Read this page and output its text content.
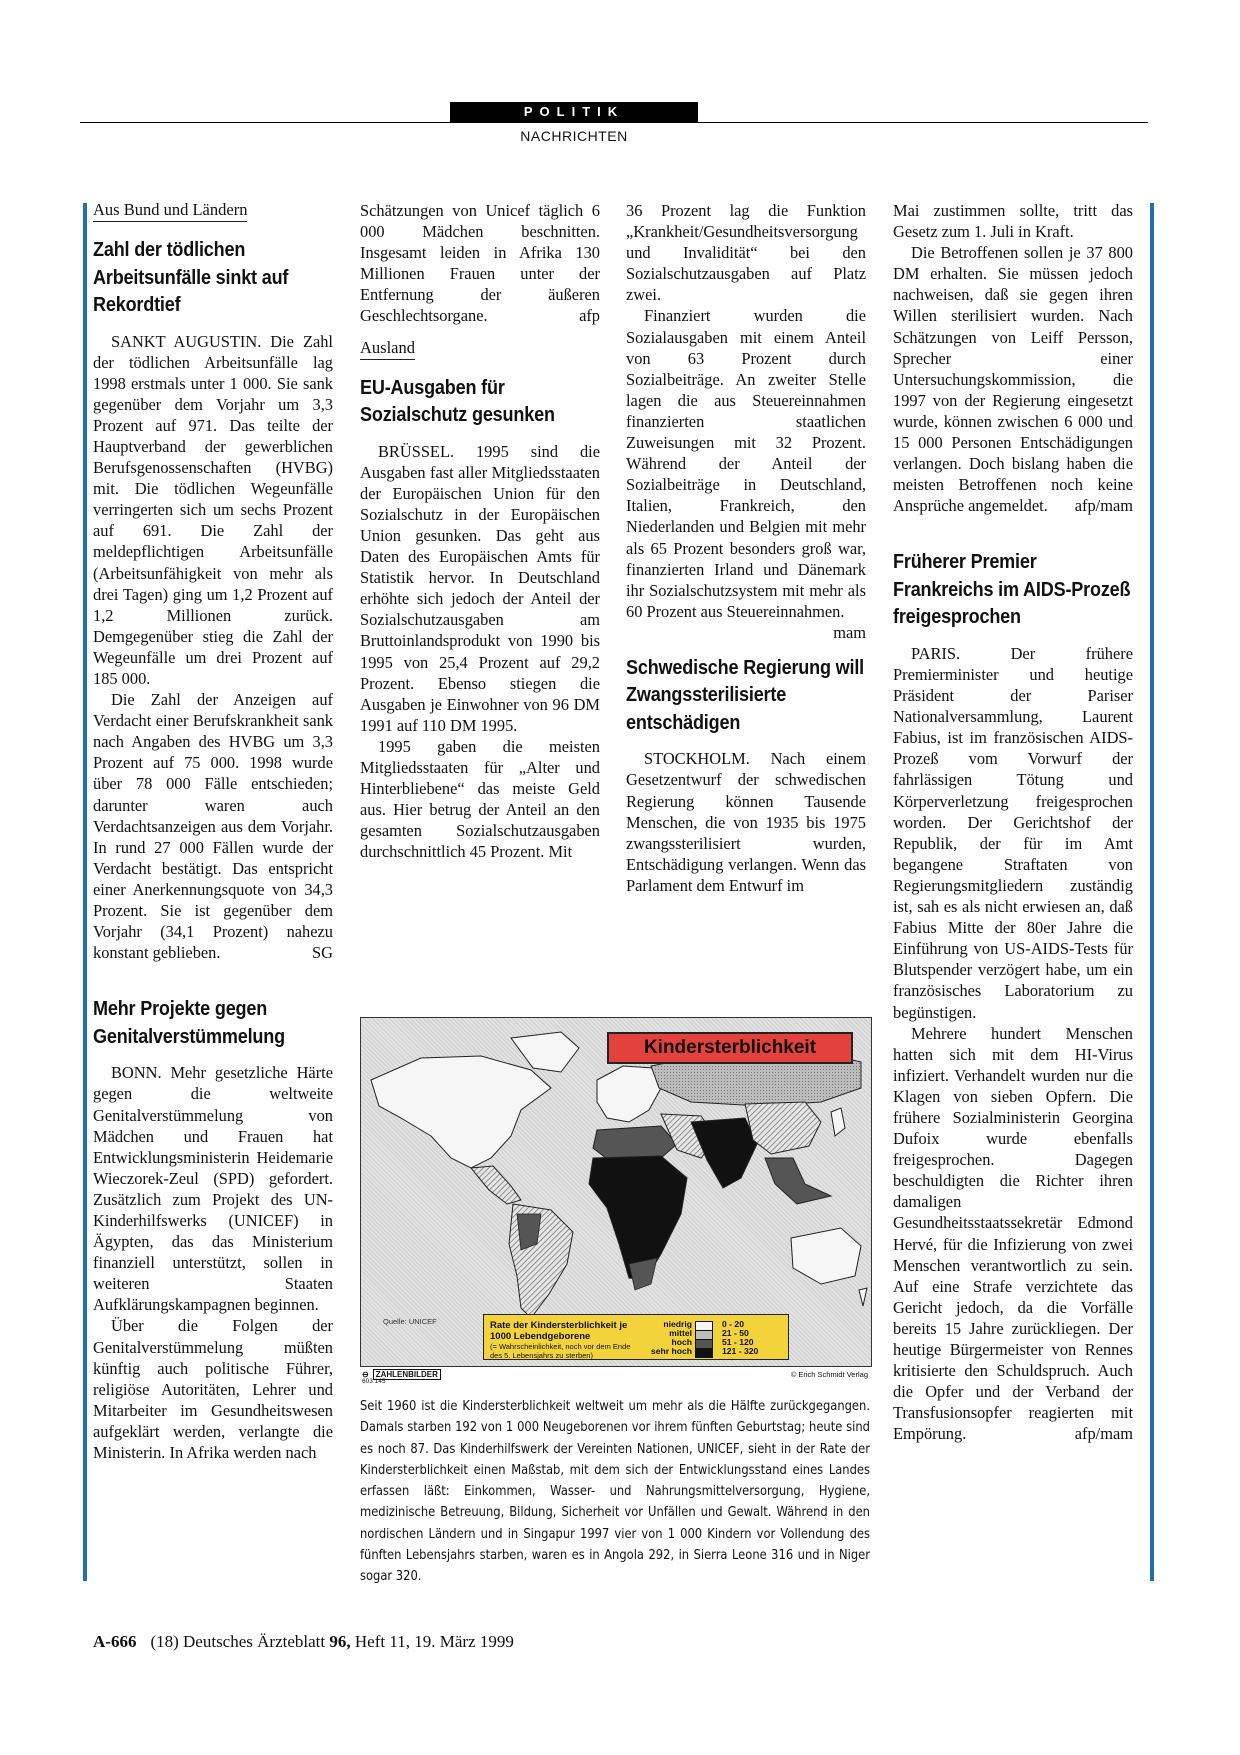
POLITIK
NACHRICHTEN
Aus Bund und Ländern
Zahl der tödlichen Arbeitsunfälle sinkt auf Rekordtief

SANKT AUGUSTIN. Die Zahl der tödlichen Arbeitsunfälle lag 1998 erstmals unter 1 000. Sie sank gegenüber dem Vorjahr um 3,3 Prozent auf 971. Das teilte der Hauptverband der gewerblichen Berufsgenossenschaften (HVBG) mit. Die tödlichen Wegeunfälle verringerten sich um sechs Prozent auf 691. Die Zahl der meldepflichtigen Arbeitsunfälle (Arbeitsunfähigkeit von mehr als drei Tagen) ging um 1,2 Prozent auf 1,2 Millionen zurück. Demgegenüber stieg die Zahl der Wegeunfälle um drei Prozent auf 185 000.

Die Zahl der Anzeigen auf Verdacht einer Berufskrankheit sank nach Angaben des HVBG um 3,3 Prozent auf 75 000. 1998 wurde über 78 000 Fälle entschieden; darunter waren auch Verdachtsanzeigen aus dem Vorjahr. In rund 27 000 Fällen wurde der Verdacht bestätigt. Das entspricht einer Anerkennungsquote von 34,3 Prozent. Sie ist gegenüber dem Vorjahr (34,1 Prozent) nahezu konstant geblieben.	SG

Mehr Projekte gegen Genitalverstümmelung

BONN. Mehr gesetzliche Härte gegen die weltweite Genitalverstümmelung von Mädchen und Frauen hat Entwicklungsministerin Heidemarie Wieczorek-Zeul (SPD) gefordert. Zusätzlich zum Projekt des UN-Kinderhilfswerks (UNICEF) in Ägypten, das das Ministerium finanziell unterstützt, sollen in weiteren Staaten Aufklärungskampagnen beginnen.

Über die Folgen der Genitalverstümmelung müßten künftig auch politische Führer, religiöse Autoritäten, Lehrer und Mitarbeiter im Gesundheitswesen aufgeklärt werden, verlangte die Ministerin. In Afrika werden nach

Schätzungen von Unicef täglich 6 000 Mädchen beschnitten. Insgesamt leiden in Afrika 130 Millionen Frauen unter der Entfernung der äußeren Geschlechtsorgane.	afp

Ausland
EU-Ausgaben für Sozialschutz gesunken

BRÜSSEL. 1995 sind die Ausgaben fast aller Mitgliedsstaaten der Europäischen Union für den Sozialschutz in der Europäischen Union gesunken. Das geht aus Daten des Europäischen Amts für Statistik hervor. In Deutschland erhöhte sich jedoch der Anteil der Sozialschutzausgaben am Bruttoinlandsprodukt von 1990 bis 1995 von 25,4 Prozent auf 29,2 Prozent. Ebenso stiegen die Ausgaben je Einwohner von 96 DM 1991 auf 110 DM 1995.

1995 gaben die meisten Mitgliedsstaaten für „Alter und Hinterbliebene“ das meiste Geld aus. Hier betrug der Anteil an den gesamten Sozialschutzausgaben durchschnittlich 45 Prozent. Mit

36 Prozent lag die Funktion „Krankheit/Gesundheitsversorgung und Invalidität“ bei den Sozialschutzausgaben auf Platz zwei.

Finanziert wurden die Sozialausgaben mit einem Anteil von 63 Prozent durch Sozialbeiträge. An zweiter Stelle lagen die aus Steuereinnahmen finanzierten staatlichen Zuweisungen mit 32 Prozent. Während der Anteil der Sozialbeiträge in Deutschland, Italien, Frankreich, den Niederlanden und Belgien mit mehr als 65 Prozent besonders groß war, finanzierten Irland und Dänemark ihr Sozialschutzsystem mit mehr als 60 Prozent aus Steuereinnahmen.
mam

Schwedische Regierung will Zwangssterilisierte entschädigen

STOCKHOLM. Nach einem Gesetzentwurf der schwedischen Regierung können Tausende Menschen, die von 1935 bis 1975 zwangssterilisiert wurden, Entschädigung verlangen. Wenn das Parlament dem Entwurf im

Mai zustimmen sollte, tritt das Gesetz zum 1. Juli in Kraft.

Die Betroffenen sollen je 37 800 DM erhalten. Sie müssen jedoch nachweisen, daß sie gegen ihren Willen sterilisiert wurden. Nach Schätzungen von Leiff Persson, Sprecher einer Untersuchungskommission, die 1997 von der Regierung eingesetzt wurde, können zwischen 6 000 und 15 000 Personen Entschädigungen verlangen. Doch bislang haben die meisten Betroffenen noch keine Ansprüche angemeldet.	afp/mam

Früherer Premier Frankreichs im AIDS-Prozeß freigesprochen

PARIS. Der frühere Premierminister und heutige Präsident der Pariser Nationalversammlung, Laurent Fabius, ist im französischen AIDS-Prozeß vom Vorwurf der fahrlässigen Tötung und Körperverletzung freigesprochen worden. Der Gerichtshof der Republik, der für im Amt begangene Straftaten von Regierungsmitgliedern zuständig ist, sah es als nicht erwiesen an, daß Fabius Mitte der 80er Jahre die Einführung von US-AIDS-Tests für Blutspender verzögert habe, um ein französisches Laboratorium zu begünstigen.

Mehrere hundert Menschen hatten sich mit dem HI-Virus infiziert. Verhandelt wurden nur die Klagen von sieben Opfern. Die frühere Sozialministerin Georgina Dufoix wurde ebenfalls freigesprochen. Dagegen beschuldigten die Richter ihren damaligen Gesundheitsstaatssekretär Edmond Hervé, für die Infizierung von zwei Menschen verantwortlich zu sein. Auf eine Strafe verzichtete das Gericht jedoch, da die Vorfälle bereits 15 Jahre zurückliegen. Der heutige Bürgermeister von Rennes kritisierte den Schuldspruch. Auch die Opfer und der Verband der Transfusionsopfer reagierten mit Empörung.	afp/mam

Kindersterblichkeit
Quelle: UNICEF	Rate der Kindersterblichkeit je 1000 Lebendgeborene
(= Wahrscheinlichkeit, noch vor dem Ende des 5. Lebensjahrs zu sterben)
niedrig	0 - 20
mittel	21 - 50
hoch	51 - 120
sehr hoch	121 - 320
⊖ ZAHLENBILDER
603 145
© Erich Schmidt Verlag

Seit 1960 ist die Kindersterblichkeit weltweit um mehr als die Hälfte zurückgegangen. Damals starben 192 von 1 000 Neugeborenen vor ihrem fünften Geburtstag; heute sind es noch 87. Das Kinderhilfswerk der Vereinten Nationen, UNICEF, sieht in der Rate der Kindersterblichkeit einen Maßstab, mit dem sich der Entwicklungsstand eines Landes erfassen läßt: Einkommen, Wasser- und Nahrungsmittelversorgung, Hygiene, medizinische Betreuung, Bildung, Sicherheit vor Unfällen und Gewalt. Während in den nordischen Ländern und in Singapur 1997 vier von 1 000 Kindern vor Vollendung des fünften Lebensjahrs starben, waren es in Angola 292, in Sierra Leone 316 und in Niger sogar 320.

A-666 (18) Deutsches Ärzteblatt 96, Heft 11, 19. März 1999
